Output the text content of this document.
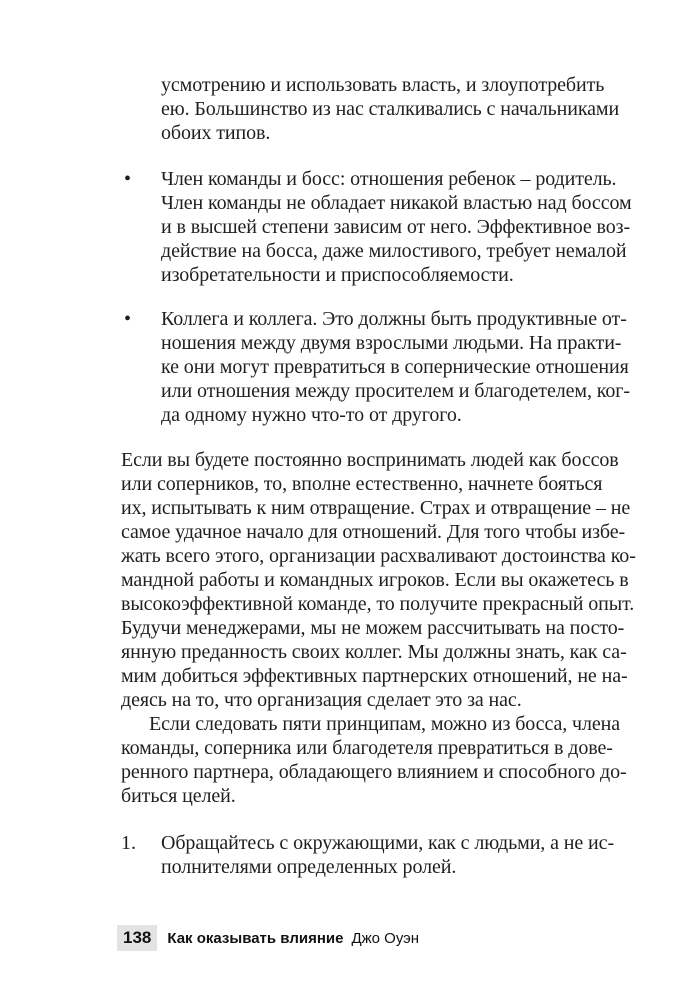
усмотрению и использовать власть, и злоупотребить

ею. Большинство из нас сталкивались с начальниками

обоих типов.

• Член команды и босс: отношения ребенок – родитель.

Член команды не обладает никакой властью над боссом

и в высшей степени зависим от него. Эффективное воз-

действие на босса, даже милостивого, требует немалой

изобретательности и приспособляемости.

• Коллега и коллега. Это должны быть продуктивные от-

ношения между двумя взрослыми людьми. На практи-

ке они могут превратиться в сопернические отношения

или отношения между просителем и благодетелем, ког-

да одному нужно что-то от другого.

Если вы будете постоянно воспринимать людей как боссов

или соперников, то, вполне естественно, начнете бояться

их, испытывать к ним отвращение. Страх и отвращение – не

самое удачное начало для отношений. Для того чтобы избе-

жать всего этого, организации расхваливают достоинства ко-

мандной работы и командных игроков. Если вы окажетесь в

высокоэффективной команде, то получите прекрасный опыт.

Будучи менеджерами, мы не можем рассчитывать на посто-

янную преданность своих коллег. Мы должны знать, как са-

мим добиться эффективных партнерских отношений, не на-

деясь на то, что организация сделает это за нас.

Если следовать пяти принципам, можно из босса, члена

команды, соперника или благодетеля превратиться в дове-

ренного партнера, обладающего влиянием и способного до-

биться целей.

1. Обращайтесь с окружающими, как с людьми, а не ис-

полнителями определенных ролей.

138	Как оказывать влияние Джо Оуэн
